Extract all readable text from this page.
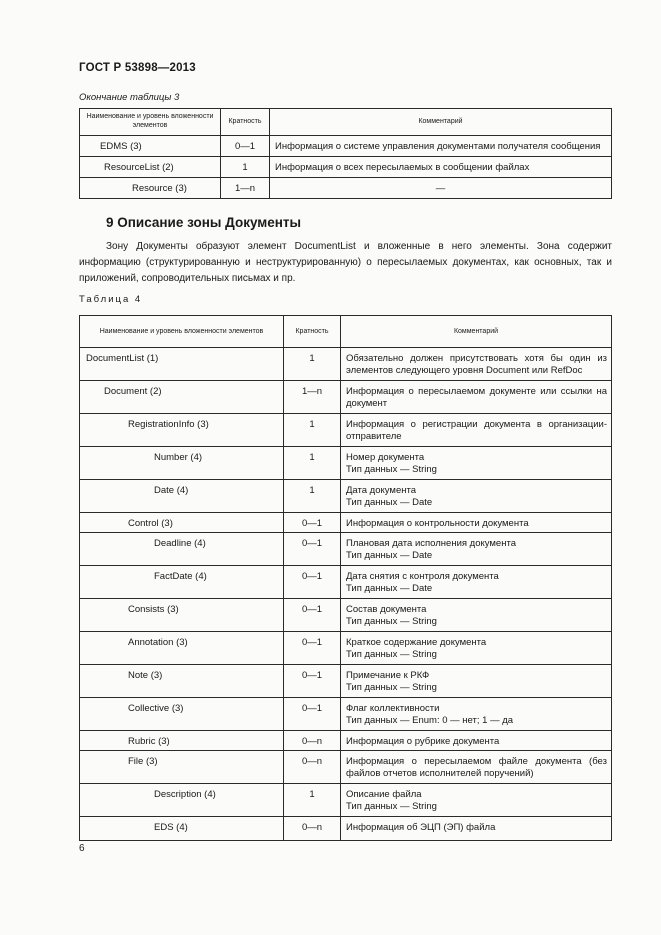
ГОСТ Р 53898—2013
Окончание таблицы 3
Наименование и уровень вложенности элементов	Кратность	Комментарий
EDMS (3)	0—1	Информация о системе управления документами получателя сообщения
ResourceList (2)	1	Информация о всех пересылаемых в сообщении файлах
Resource (3)	1—n	—
9 Описание зоны Документы
Зону Документы образуют элемент DocumentList и вложенные в него элементы. Зона содержит информацию (структурированную и неструктурированную) о пересылаемых документах, как основных, так и приложений, сопроводительных письмах и пр.
Таблица 4
Наименование и уровень вложенности элементов	Кратность	Комментарий
DocumentList (1)	1	Обязательно должен присутствовать хотя бы один из элементов следующего уровня Document или RefDoc

Document (2)	1—n	Информация о пересылаемом документе или ссылки на документ

RegistrationInfo (3)	1	Информация о регистрации документа в организации-отправителе

Number (4)	1	Номер документа
Тип данных — String

Date (4)	1	Дата документа
Тип данных — Date

Control (3)	0—1	Информация о контрольности документа

Deadline (4)	0—1	Плановая дата исполнения документа
Тип данных — Date

FactDate (4)	0—1	Дата снятия с контроля документа
Тип данных — Date

Consists (3)	0—1	Состав документа
Тип данных — String

Annotation (3)	0—1	Краткое содержание документа
Тип данных — String

Note (3)	0—1	Примечание к РКФ
Тип данных — String

Collective (3)	0—1	Флаг коллективности
Тип данных — Enum: 0 — нет; 1 — да

Rubric (3)	0—n	Информация о рубрике документа

File (3)	0—n	Информация о пересылаемом файле документа (без файлов отчетов исполнителей поручений)

Description (4)	1	Описание файла
Тип данных — String

EDS (4)	0—n	Информация об ЭЦП (ЭП) файла
6
